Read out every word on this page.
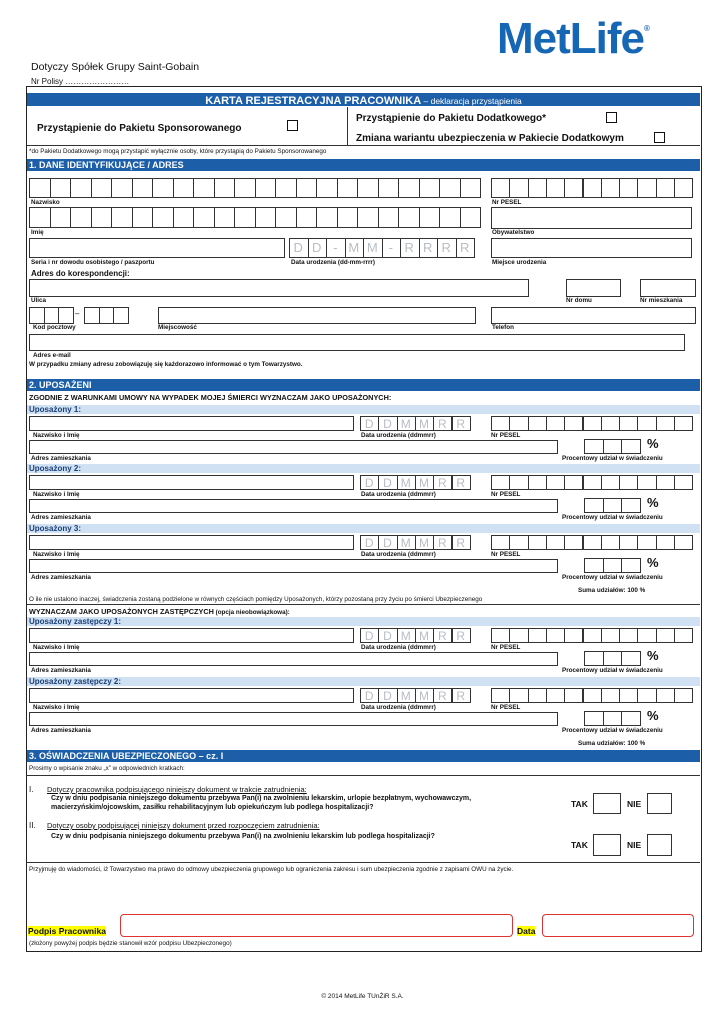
MetLife®
Dotyczy Spółek Grupy Saint-Gobain
Nr Polisy ……………………
KARTA REJESTRACYJNA PRACOWNIKA – deklaracja przystąpienia
Przystąpienie do Pakietu Sponsorowanego
Przystąpienie do Pakietu Dodatkowego*
Zmiana wariantu ubezpieczenia w Pakiecie Dodatkowym
*do Pakietu Dodatkowego mogą przystąpić wyłącznie osoby, które przystąpią do Pakietu Sponsorowanego
1. DANE IDENTYFIKUJĄCE / ADRES
Nazwisko	Nr PESEL
Imię	Obywatelstwo
Seria i nr dowodu osobistego / paszportu	Data urodzenia (dd-mm-rrrr)	Miejsce urodzenia
Adres do korespondencji:
Ulica	Nr domu	Nr mieszkania
–
Kod pocztowy	Miejscowość	Telefon
Adres e-mail
W przypadku zmiany adresu zobowiązuję się każdorazowo informować o tym Towarzystwo.
2. UPOSAŻENI
ZGODNIE Z WARUNKAMI UMOWY NA WYPADEK MOJEJ ŚMIERCI WYZNACZAM JAKO UPOSAŻONYCH:
Suma udziałów: 100 %
O ile nie ustalono inaczej, świadczenia zostaną podzielone w równych częściach pomiędzy Uposażonych, którzy pozostaną przy życiu po śmierci Ubezpieczenego
WYZNACZAM JAKO UPOSAŻONYCH ZASTĘPCZYCH (opcja nieobowiązkowa):
Suma udziałów: 100 %
3. OŚWIADCZENIA UBEZPIECZONEGO – cz. I
Prosimy o wpisanie znaku „x” w odpowiednich kratkach:
I. Dotyczy pracownika podpisującego niniejszy dokument w trakcie zatrudnienia:
Czy w dniu podpisania niniejszego dokumentu przebywa Pan(i) na zwolnieniu lekarskim, urlopie bezpłatnym, wychowawczym,
macierzyńskim/ojcowskim, zasiłku rehabilitacyjnym lub opiekuńczym lub podlega hospitalizacji?	TAK	NIE
II. Dotyczy osoby podpisującej niniejszy dokument przed rozpoczęciem zatrudnienia:
Czy w dniu podpisania niniejszego dokumentu przebywa Pan(i) na zwolnieniu lekarskim lub podlega hospitalizacji?
TAK	NIE
Przyjmuję do wiadomości, iż Towarzystwo ma prawo do odmowy ubezpieczenia grupowego lub ograniczenia zakresu i sum ubezpieczenia zgodnie z zapisami OWU na życie.
Podpis Pracownika	Data
(złożony powyżej podpis będzie stanowił wzór podpisu Ubezpieczonego)
© 2014 MetLife TUnŻiR S.A.
D D - M M - R R R R
Uposażony 1:
D D M M R R
Nazwisko i Imię	Data urodzenia (ddmmrr)	Nr PESEL
%
Adres zamieszkania	Procentowy udział w świadczeniu
Uposażony 2:
D D M M R R
Nazwisko i Imię	Data urodzenia (ddmmrr)	Nr PESEL
%
Adres zamieszkania	Procentowy udział w świadczeniu
Uposażony 3:
D D M M R R
Nazwisko i Imię	Data urodzenia (ddmmrr)	Nr PESEL
%
Adres zamieszkania	Procentowy udział w świadczeniu
Uposażony zastępczy 1:
D D M M R R
Nazwisko i Imię	Data urodzenia (ddmmrr)	Nr PESEL
%
Adres zamieszkania	Procentowy udział w świadczeniu
Uposażony zastępczy 2:
D D M M R R
Nazwisko i Imię	Data urodzenia (ddmmrr)	Nr PESEL
%
Adres zamieszkania	Procentowy udział w świadczeniu
